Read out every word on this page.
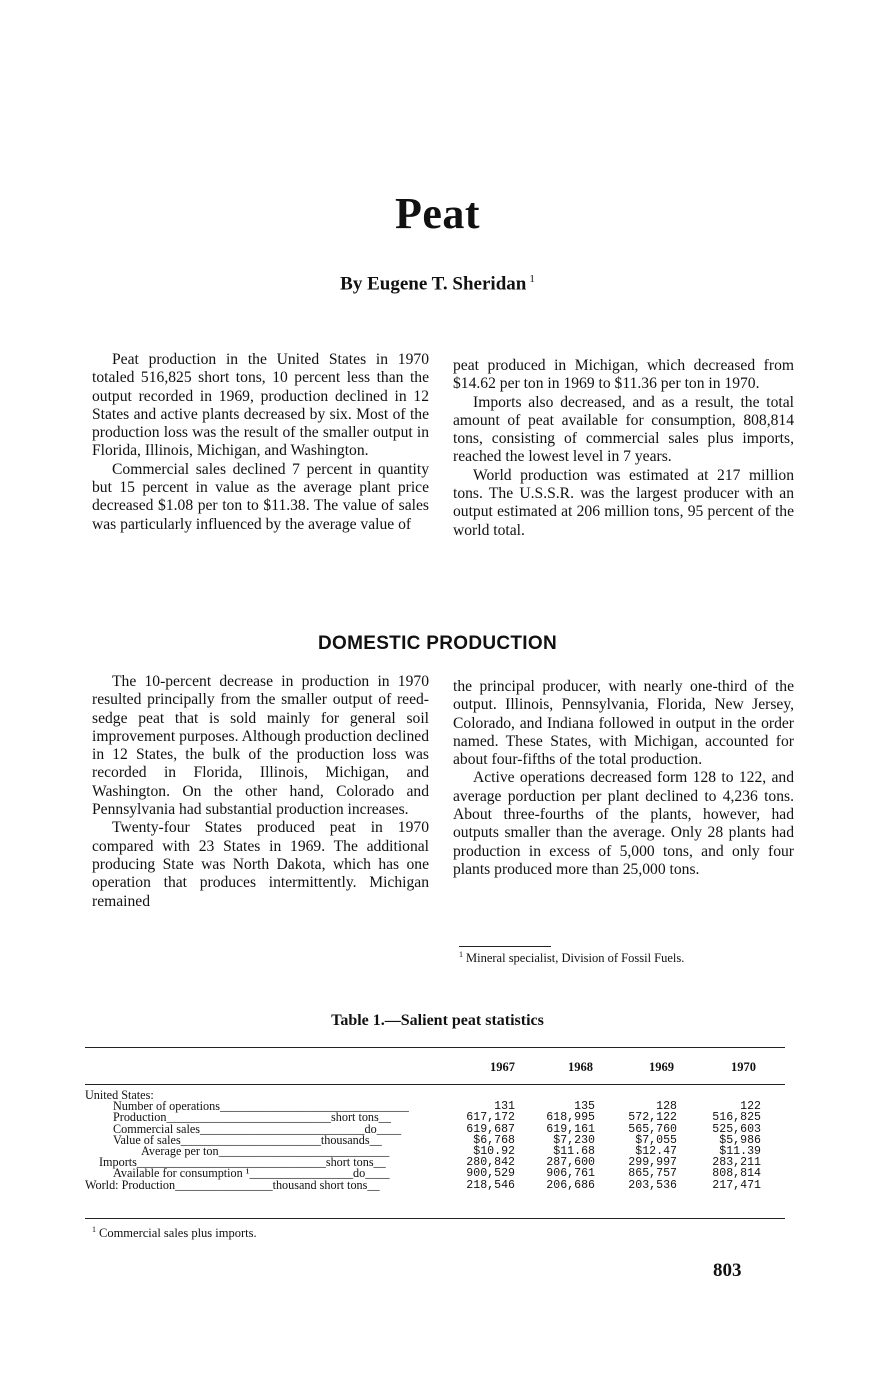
Peat
By Eugene T. Sheridan $^1$

Peat production in the United States in 1970 totaled 516,825 short tons, 10 percent less than the output recorded in 1969, production declined in 12 States and active plants decreased by six. Most of the production loss was the result of the smaller output in Florida, Illinois, Michigan, and Washington.

Commercial sales declined 7 percent in quantity but 15 percent in value as the average plant price decreased $1.08 per ton to $11.38. The value of sales was particularly influenced by the average value of

peat produced in Michigan, which decreased from $14.62 per ton in 1969 to $11.36 per ton in 1970.

Imports also decreased, and as a result, the total amount of peat available for consumption, 808,814 tons, consisting of commercial sales plus imports, reached the lowest level in 7 years.

World production was estimated at 217 million tons. The U.S.S.R. was the largest producer with an output estimated at 206 million tons, 95 percent of the world total.

DOMESTIC PRODUCTION

The 10-percent decrease in production in 1970 resulted principally from the smaller output of reed-sedge peat that is sold mainly for general soil improvement purposes. Although production declined in 12 States, the bulk of the production loss was recorded in Florida, Illinois, Michigan, and Washington. On the other hand, Colorado and Pennsylvania had substantial production increases.

Twenty-four States produced peat in 1970 compared with 23 States in 1969. The additional producing State was North Dakota, which has one operation that produces intermittently. Michigan remained

the principal producer, with nearly one-third of the output. Illinois, Pennsylvania, Florida, New Jersey, Colorado, and Indiana followed in output in the order named. These States, with Michigan, accounted for about four-fifths of the total production.

Active operations decreased form 128 to 122, and average porduction per plant declined to 4,236 tons. About three-fourths of the plants, however, had outputs smaller than the average. Only 28 plants had production in excess of 5,000 tons, and only four plants produced more than 25,000 tons.

$^1$ Mineral specialist, Division of Fossil Fuels.
Table 1.—Salient peat statistics
1967	1968	1969	1970
United States:
Number of operations_______________________________	131	135	128	122
Production___________________________short tons__	617,172	618,995	572,122	516,825
Commercial sales___________________________do____	619,687	619,161	565,760	525,603
Value of sales_______________________thousands__	$6,768	$7,230	$7,055	$5,986
Average per ton____________________________	$10.92	$11.68	$12.47	$11.39
Imports_______________________________short tons__	280,842	287,600	299,997	283,211
Available for consumption ¹_________________do____	900,529	906,761	865,757	808,814
World: Production________________thousand short tons__	218,546	206,686	203,536	217,471
$^1$ Commercial sales plus imports.
803
